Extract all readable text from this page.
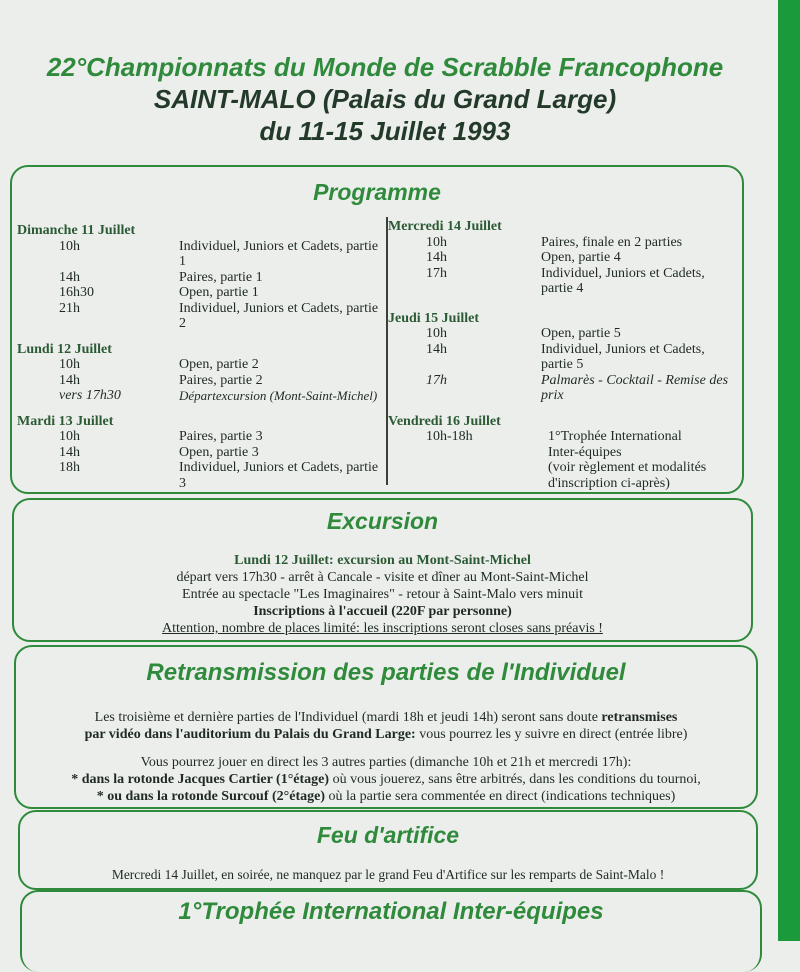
22°Championnats du Monde de Scrabble Francophone
SAINT-MALO (Palais du Grand Large)
du 11-15 Juillet 1993
Programme
Dimanche 11 Juillet
10h	Individuel, Juniors et Cadets, partie 1
14h	Paires, partie 1
16h30	Open, partie 1
21h	Individuel, Juniors et Cadets, partie 2
Lundi 12 Juillet
10h	Open, partie 2
14h	Paires, partie 2
vers 17h30	Départexcursion (Mont-Saint-Michel)
Mardi 13 Juillet
10h	Paires, partie 3
14h	Open, partie 3
18h	Individuel, Juniors et Cadets, partie 3
Mercredi 14 Juillet
10h	Paires, finale en 2 parties
14h	Open, partie 4
17h	Individuel, Juniors et Cadets, partie 4
Jeudi 15 Juillet
10h	Open, partie 5
14h	Individuel, Juniors et Cadets, partie 5
17h	Palmarès - Cocktail - Remise des prix
Vendredi 16 Juillet
10h-18h	1°Trophée International
Inter-équipes
(voir règlement et modalités
d'inscription ci-après)
Excursion
Lundi 12 Juillet: excursion au Mont-Saint-Michel
départ vers 17h30 - arrêt à Cancale - visite et dîner au Mont-Saint-Michel
Entrée au spectacle "Les Imaginaires" - retour à Saint-Malo vers minuit
Inscriptions à l'accueil (220F par personne)
Attention, nombre de places limité: les inscriptions seront closes sans préavis !
Retransmission des parties de l'Individuel
Les troisième et dernière parties de l'Individuel (mardi 18h et jeudi 14h) seront sans doute retransmises
par vidéo dans l'auditorium du Palais du Grand Large: vous pourrez les y suivre en direct (entrée libre)
Vous pourrez jouer en direct les 3 autres parties (dimanche 10h et 21h et mercredi 17h):
* dans la rotonde Jacques Cartier (1°étage) où vous jouerez, sans être arbitrés, dans les conditions du tournoi,
* ou dans la rotonde Surcouf (2°étage) où la partie sera commentée en direct (indications techniques)
Feu d'artifice
Mercredi 14 Juillet, en soirée, ne manquez par le grand Feu d'Artifice sur les remparts de Saint-Malo !
1°Trophée International Inter-équipes
